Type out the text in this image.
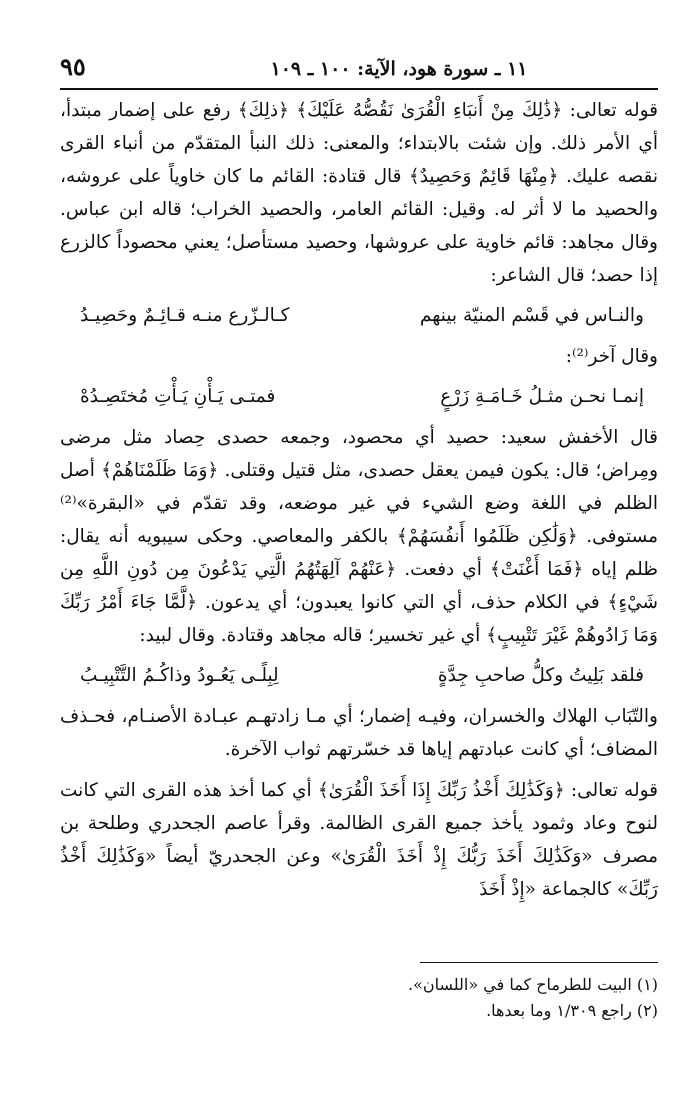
٩٥	١١ ـ سورة هود، الآية: ١٠٠ ـ ١٠٩

قوله تعالى: ﴿ذَٰلِكَ مِنْ أَنبَاءِ الْقُرَىٰ نَقُصُّهُ عَلَيْكَ﴾ ﴿ذلِكَ﴾ رفع على إضمار مبتدأ، أي الأمر ذلك. وإن شئت بالابتداء؛ والمعنى: ذلك النبأ المتقدّم من أنباء القرى نقصه عليك. ﴿مِنْهَا قَائِمٌ وَحَصِيدٌ﴾ قال قتادة: القائم ما كان خاوياً على عروشه، والحصيد ما لا أثر له. وقيل: القائم العامر، والحصيد الخراب؛ قاله ابن عباس. وقال مجاهد: قائم خاوية على عروشها، وحصيد مستأصل؛ يعني محصوداً كالزرع إذا حصد؛ قال الشاعر:

والنـاس في قَسْم المنيّة بينهم
كـالـزّرع منـه قـائِـمٌ وحَصِيـدُ

وقال آخر⁽²⁾:

إنمـا نحـن مثـلُ خَـامَـةِ زَرْعٍ
فمتـى يَـأْنِ يَـأْتِ مُختَصِـدُهْ

قال الأخفش سعيد: حصيد أي محصود، وجمعه حصدى حِصاد مثل مرضى ومِراض؛ قال: يكون فيمن يعقل حصدى، مثل قتيل وقتلى. ﴿وَمَا ظَلَمْنَاهُمْ﴾ أصل الظلم في اللغة وضع الشيء في غير موضعه، وقد تقدّم في «البقرة»⁽²⁾ مستوفى. ﴿وَلَٰكِن ظَلَمُوا أَنفُسَهُمْ﴾ بالكفر والمعاصي. وحكى سيبويه أنه يقال: ظلم إياه ﴿فَمَا أَغْنَتْ﴾ أي دفعت. ﴿عَنْهُمْ آلِهَتُهُمُ الَّتِي يَدْعُونَ مِن دُونِ اللَّهِ مِن شَيْءٍ﴾ في الكلام حذف، أي التي كانوا يعبدون؛ أي يدعون. ﴿لَّمَّا جَاءَ أَمْرُ رَبِّكَ وَمَا زَادُوهُمْ غَيْرَ تَتْبِيبٍ﴾ أي غير تخسير؛ قاله مجاهد وقتادة. وقال لبيد:

فلقد بَلِيتُ وكلُّ صاحبِ جِدَّةٍ
لِبِلًـى يَعُـودُ وذاكُـمُ التَّتْبِيـبُ

والتّبَاب الهلاك والخسران، وفيـه إضمار؛ أي مـا زادتهـم عبـادة الأصنـام، فحـذف المضاف؛ أي كانت عبادتهم إياها قد خسّرتهم ثواب الآخرة.

قوله تعالى: ﴿وَكَذَٰلِكَ أَخْذُ رَبِّكَ إِذَا أَخَذَ الْقُرَىٰ﴾ أي كما أخذ هذه القرى التي كانت لنوح وعاد وثمود يأخذ جميع القرى الظالمة. وقرأ عاصم الجحدري وطلحة بن مصرف «وَكَذَٰلِكَ أَخَذَ رَبُّكَ إِذْ أَخَذَ الْقُرَىٰ» وعن الجحدريّ أيضاً «وَكَذَٰلِكَ أَخْذُ رَبِّكَ» كالجماعة «إِذْ أَخَذَ

(١) البيت للطرماح كما في «اللسان».
(٢) راجع ١/٣٠٩ وما بعدها.
